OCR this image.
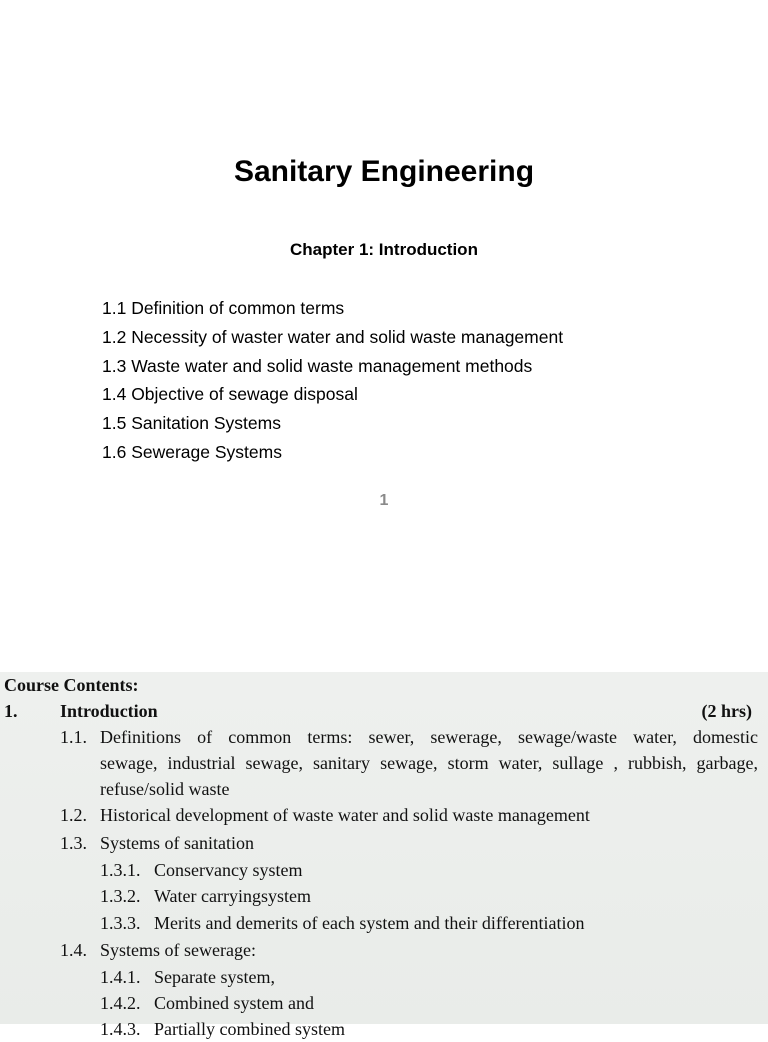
Sanitary Engineering
Chapter 1: Introduction
1.1 Definition of common terms
1.2 Necessity of waster water and solid waste management
1.3 Waste water and solid waste management methods
1.4 Objective of sewage disposal
1.5 Sanitation Systems
1.6 Sewerage Systems
1
Course Contents:
1. Introduction	(2 hrs)
1.1. Definitions of common terms: sewer, sewerage, sewage/waste water, domestic
sewage, industrial sewage, sanitary sewage, storm water, sullage , rubbish, garbage,
refuse/solid waste
1.2. Historical development of waste water and solid waste management
1.3. Systems of sanitation
1.3.1. Conservancy system
1.3.2. Water carryingsystem
1.3.3. Merits and demerits of each system and their differentiation
1.4. Systems of sewerage:
1.4.1. Separate system,
1.4.2. Combined system and
1.4.3. Partially combined system
